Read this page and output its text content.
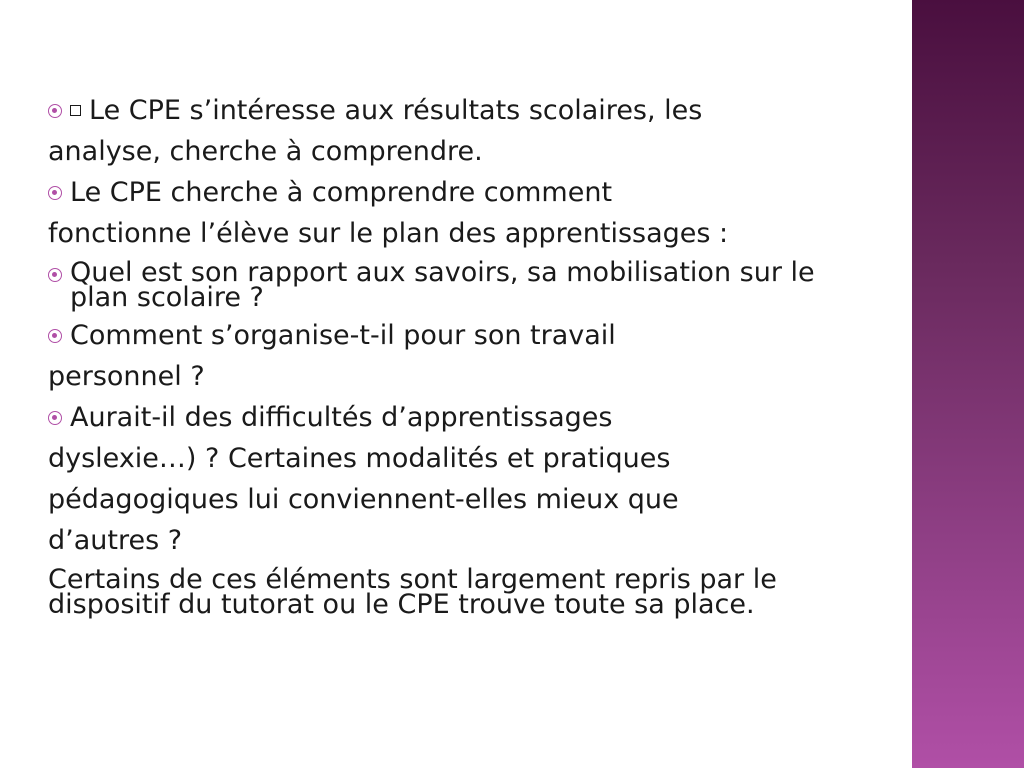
Le CPE s’intéresse aux résultats scolaires, les
analyse, cherche à comprendre.
Le CPE cherche à comprendre comment
fonctionne l’élève sur le plan des apprentissages :
Quel est son rapport aux savoirs, sa mobilisation sur le plan scolaire ?
Comment s’organise-t-il pour son travail
personnel ?
Aurait-il des difficultés d’apprentissages
dyslexie…) ? Certaines modalités et pratiques
pédagogiques lui conviennent-elles mieux que
d’autres ?
Certains de ces éléments sont largement repris par le dispositif du tutorat ou le CPE trouve toute sa place.
